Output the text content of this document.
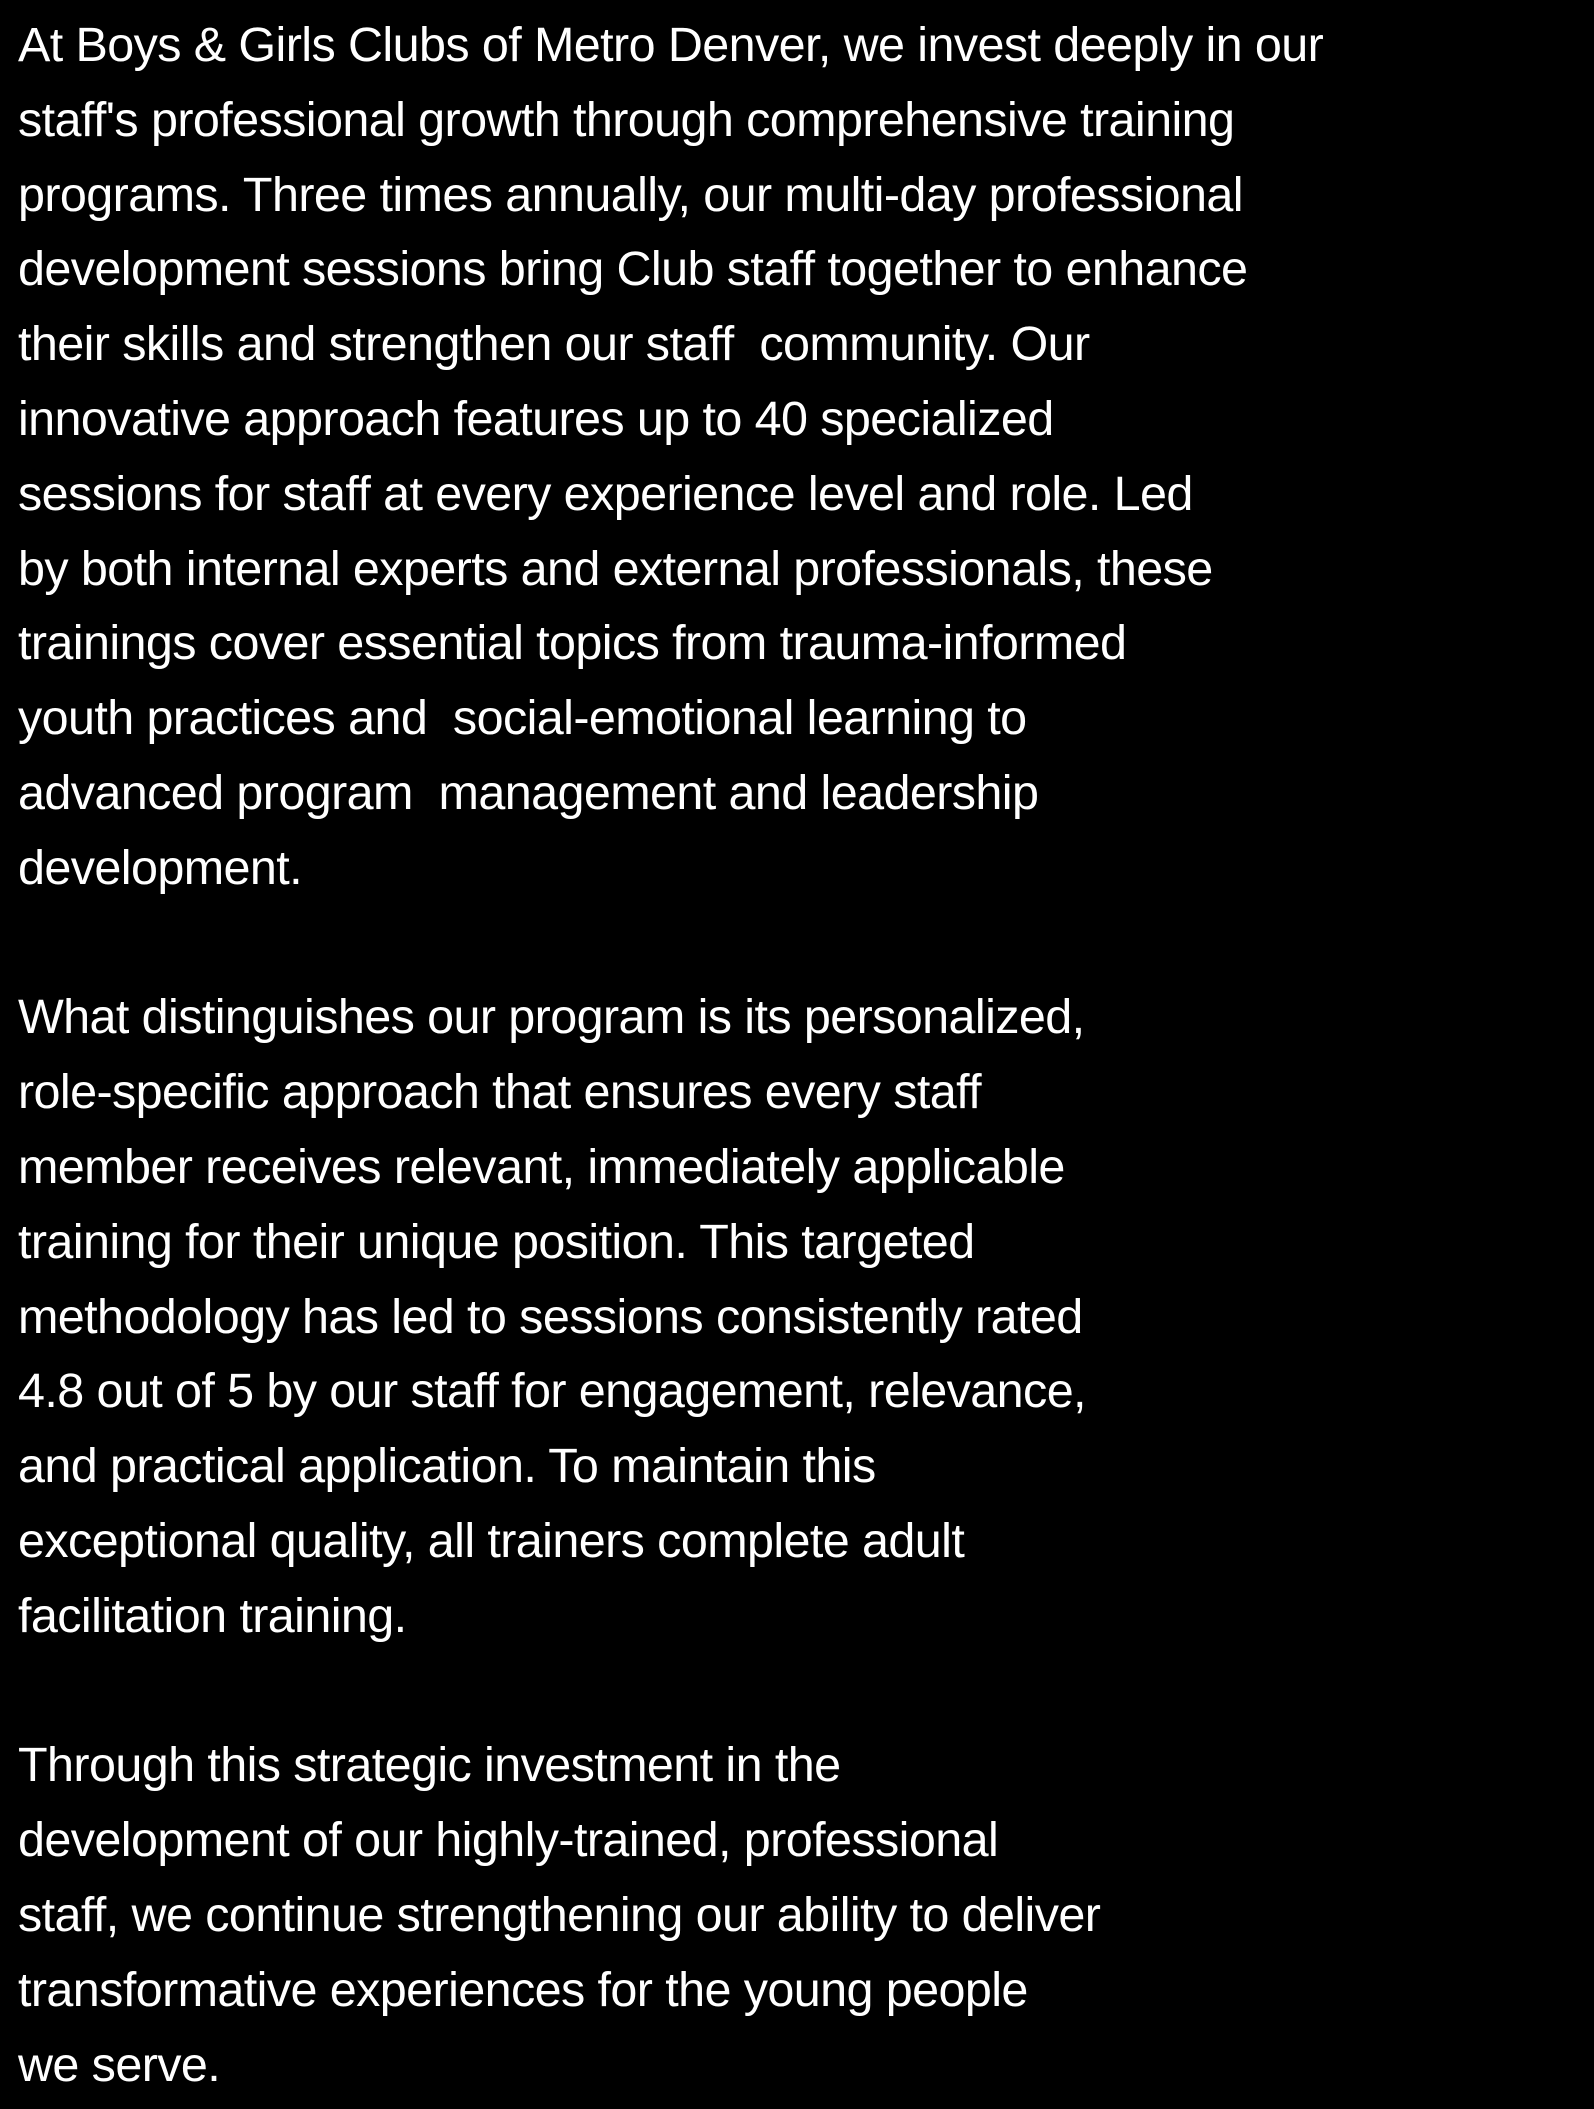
At Boys & Girls Clubs of Metro Denver, we invest deeply in our
staff's professional growth through comprehensive training
programs. Three times annually, our multi-day professional
development sessions bring Club staff together to enhance
their skills and strengthen our staff  community. Our
innovative approach features up to 40 specialized
sessions for staff at every experience level and role. Led
by both internal experts and external professionals, these
trainings cover essential topics from trauma-informed
youth practices and  social-emotional learning to
advanced program  management and leadership
development.

What distinguishes our program is its personalized,
role-specific approach that ensures every staff
member receives relevant, immediately applicable
training for their unique position. This targeted
methodology has led to sessions consistently rated
4.8 out of 5 by our staff for engagement, relevance,
and practical application. To maintain this
exceptional quality, all trainers complete adult
facilitation training.

Through this strategic investment in the
development of our highly-trained, professional
staff, we continue strengthening our ability to deliver
transformative experiences for the young people
we serve.
